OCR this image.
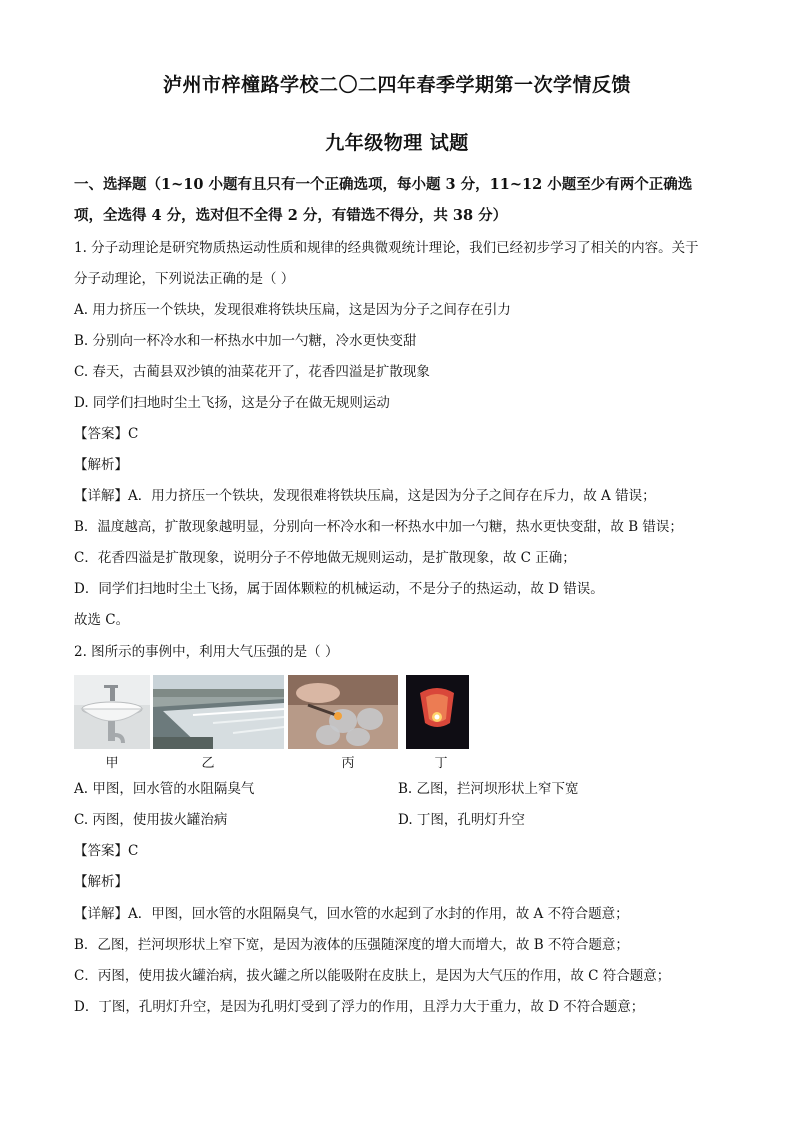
泸州市梓橦路学校二〇二四年春季学期第一次学情反馈
九年级物理 试题
一、选择题（1~10 小题有且只有一个正确选项，每小题 3 分，11~12 小题至少有两个正确选
项，全选得 4 分，选对但不全得 2 分，有错选不得分，共 38 分）
1. 分子动理论是研究物质热运动性质和规律的经典微观统计理论，我们已经初步学习了相关的内容。关于
分子动理论，下列说法正确的是（ ）
A. 用力挤压一个铁块，发现很难将铁块压扁，这是因为分子之间存在引力
B. 分别向一杯冷水和一杯热水中加一勺糖，冷水更快变甜
C. 春天，古蔺县双沙镇的油菜花开了，花香四溢是扩散现象
D. 同学们扫地时尘土飞扬，这是分子在做无规则运动
【答案】C
【解析】
【详解】A．用力挤压一个铁块，发现很难将铁块压扁，这是因为分子之间存在斥力，故 A 错误；
B．温度越高，扩散现象越明显，分别向一杯冷水和一杯热水中加一勺糖，热水更快变甜，故 B 错误；
C．花香四溢是扩散现象，说明分子不停地做无规则运动，是扩散现象，故 C 正确；
D．同学们扫地时尘土飞扬，属于固体颗粒的机械运动，不是分子的热运动，故 D 错误。
故选 C。
2. 图所示的事例中，利用大气压强的是（ ）
甲	乙	丙	丁
A. 甲图，回水管的水阻隔臭气	B. 乙图，拦河坝形状上窄下宽
C. 丙图，使用拔火罐治病	D. 丁图，孔明灯升空
【答案】C
【解析】
【详解】A．甲图，回水管的水阻隔臭气，回水管的水起到了水封的作用，故 A 不符合题意；
B．乙图，拦河坝形状上窄下宽，是因为液体的压强随深度的增大而增大，故 B 不符合题意；
C．丙图，使用拔火罐治病，拔火罐之所以能吸附在皮肤上，是因为大气压的作用，故 C 符合题意；
D．丁图，孔明灯升空，是因为孔明灯受到了浮力的作用，且浮力大于重力，故 D 不符合题意；
